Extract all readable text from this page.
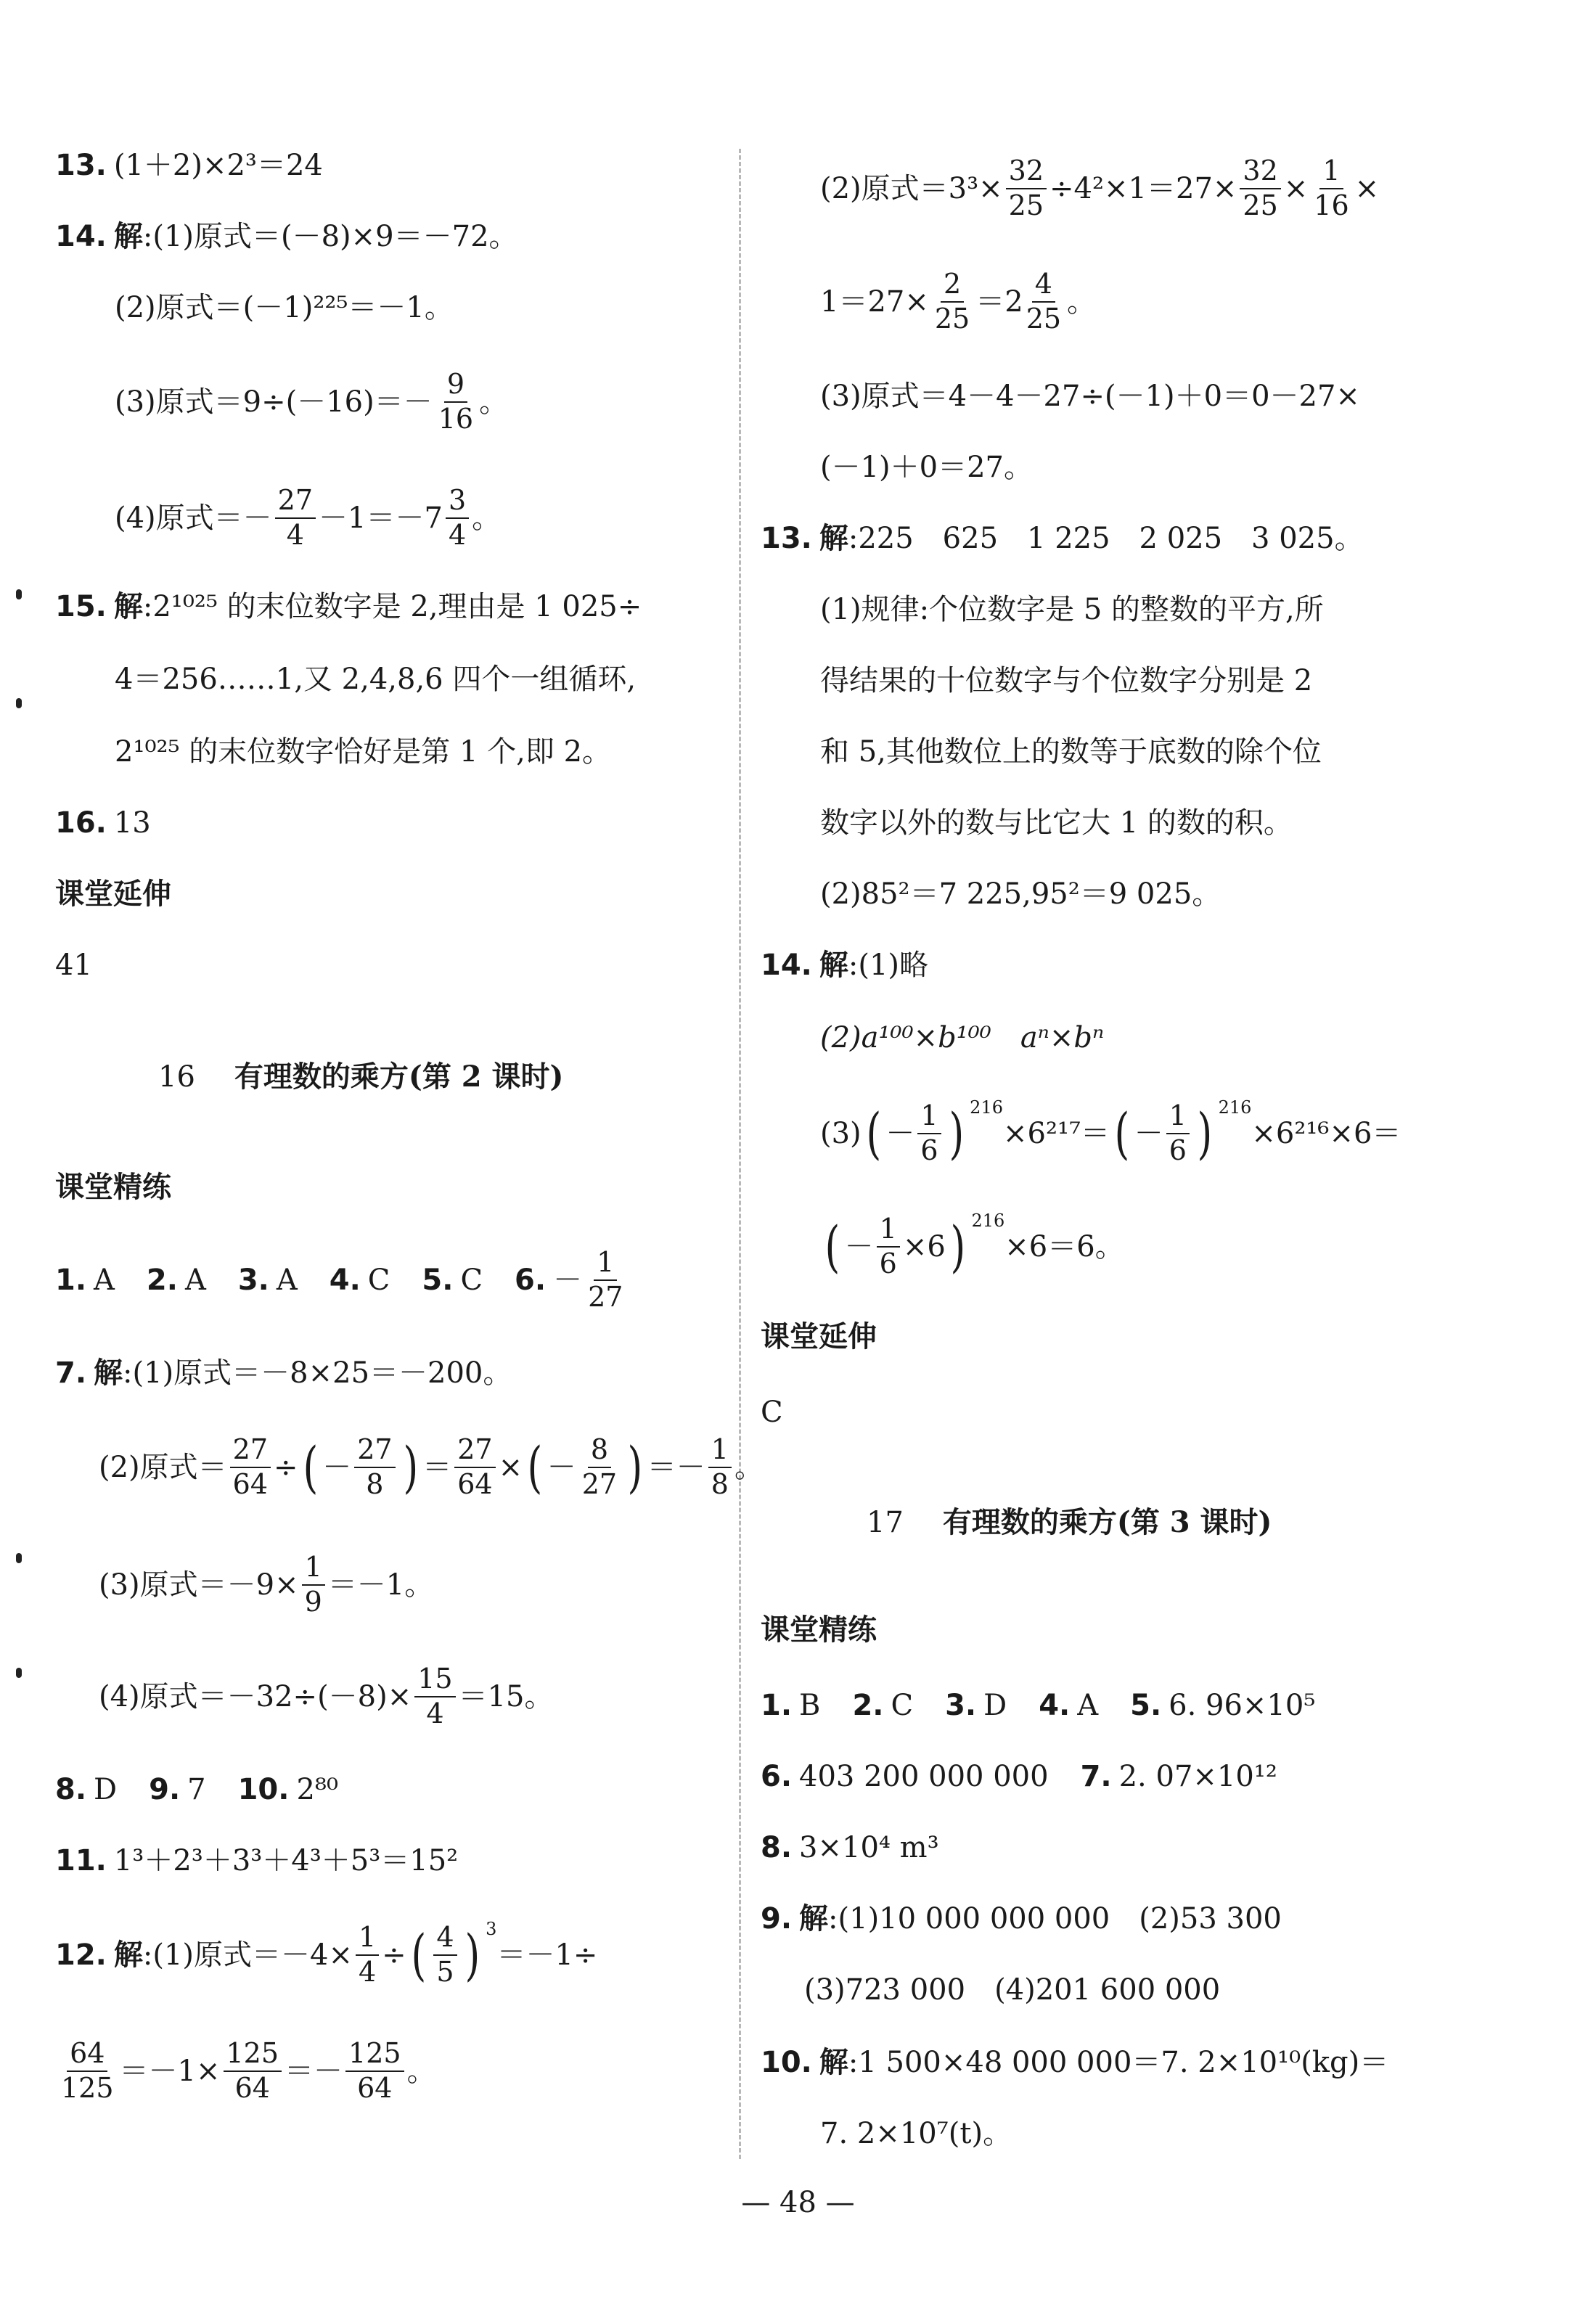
13. (1＋2)×2³＝24
14. 解 :(1)原式＝(－8)×9＝－72。
(2)原式＝(－1)²²⁵＝－1。
(3)原式$=9\div(-16)=- \frac{9}{16}$ 。
(4)原式＝－ $\frac{27}{4} -1=-7 \frac{3}{4}$ 。
15. 解 :2¹⁰²⁵ 的末位数字是 2,理由是 1 025÷
4＝256……1,又 2,4,8,6 四个一组循环,
2¹⁰²⁵ 的末位数字恰好是第 1 个,即 2。
16. 13
课堂延伸
41
16 有理数的乘方(第 2 课时)
课堂精练
1. A 2. A 3. A 4. C 5. C 6. － $\frac{1}{27}$
7. 解 :(1)原式＝－8×25＝－200。
(2)原式＝ $\frac{27}{64}$ ÷ ( － $\frac{27}{8}$ ) ＝ $\frac{27}{64}$ × ( － $\frac{8}{27}$ ) ＝－ $\frac{1}{8}$ 。
(3)原式$=-9\times \frac{1}{9} =-1$。
(4)原式$=-32\div(-8)\times \frac{15}{4} =15$。
8. D 9. 7 10. 2⁸⁰
11. 1³＋2³＋3³＋4³＋5³＝15²
12. 解 :(1)原式$=-4\times \frac{1}{4}$ ÷ ( $\frac{4}{5}$ ) 3
＝－1÷
$\frac{64}{125} =-1\times \frac{125}{64} =- \frac{125}{64}$ 。
(2)原式$=3^3\times \frac{32}{25} \div 4^2\times 1=27\times \frac{32}{25} \times \frac{1}{16}$ ×
$1=27\times \frac{2}{25} =2 \frac{4}{25}$ 。
(3)原式＝4－4－27÷(－1)＋0＝0－27×
(－1)＋0＝27。
13. 解 :225　625　1 225　2 025　3 025。
(1)规律:个位数字是 5 的整数的平方,所
得结果的十位数字与个位数字分别是 2
和 5,其他数位上的数等于底数的除个位
数字以外的数与比它大 1 的数的积。
(2)85²＝7 225,95²＝9 025。
14. 解 :(1)略
(2)a¹⁰⁰×b¹⁰⁰　aⁿ×bⁿ
(3) ( － $\frac{1}{6}$ ) 216
×6²¹⁷＝ ( － $\frac{1}{6}$ ) 216
×6²¹⁶×6＝
( － $\frac{1}{6} \times 6$ ) 216
×6＝6。
课堂延伸
C
17 有理数的乘方(第 3 课时)
课堂精练
1. B 2. C 3. D 4. A 5. 6. 96×10⁵
6. 403 200 000 000 7. 2. 07×10¹²
8. 3×10⁴ m³
9. 解 :(1)10 000 000 000　(2)53 300
(3)723 000　(4)201 600 000
10. 解 :1 500×48 000 000＝7. 2×10¹⁰(kg)＝
7. 2×10⁷(t)。
— 48 —
